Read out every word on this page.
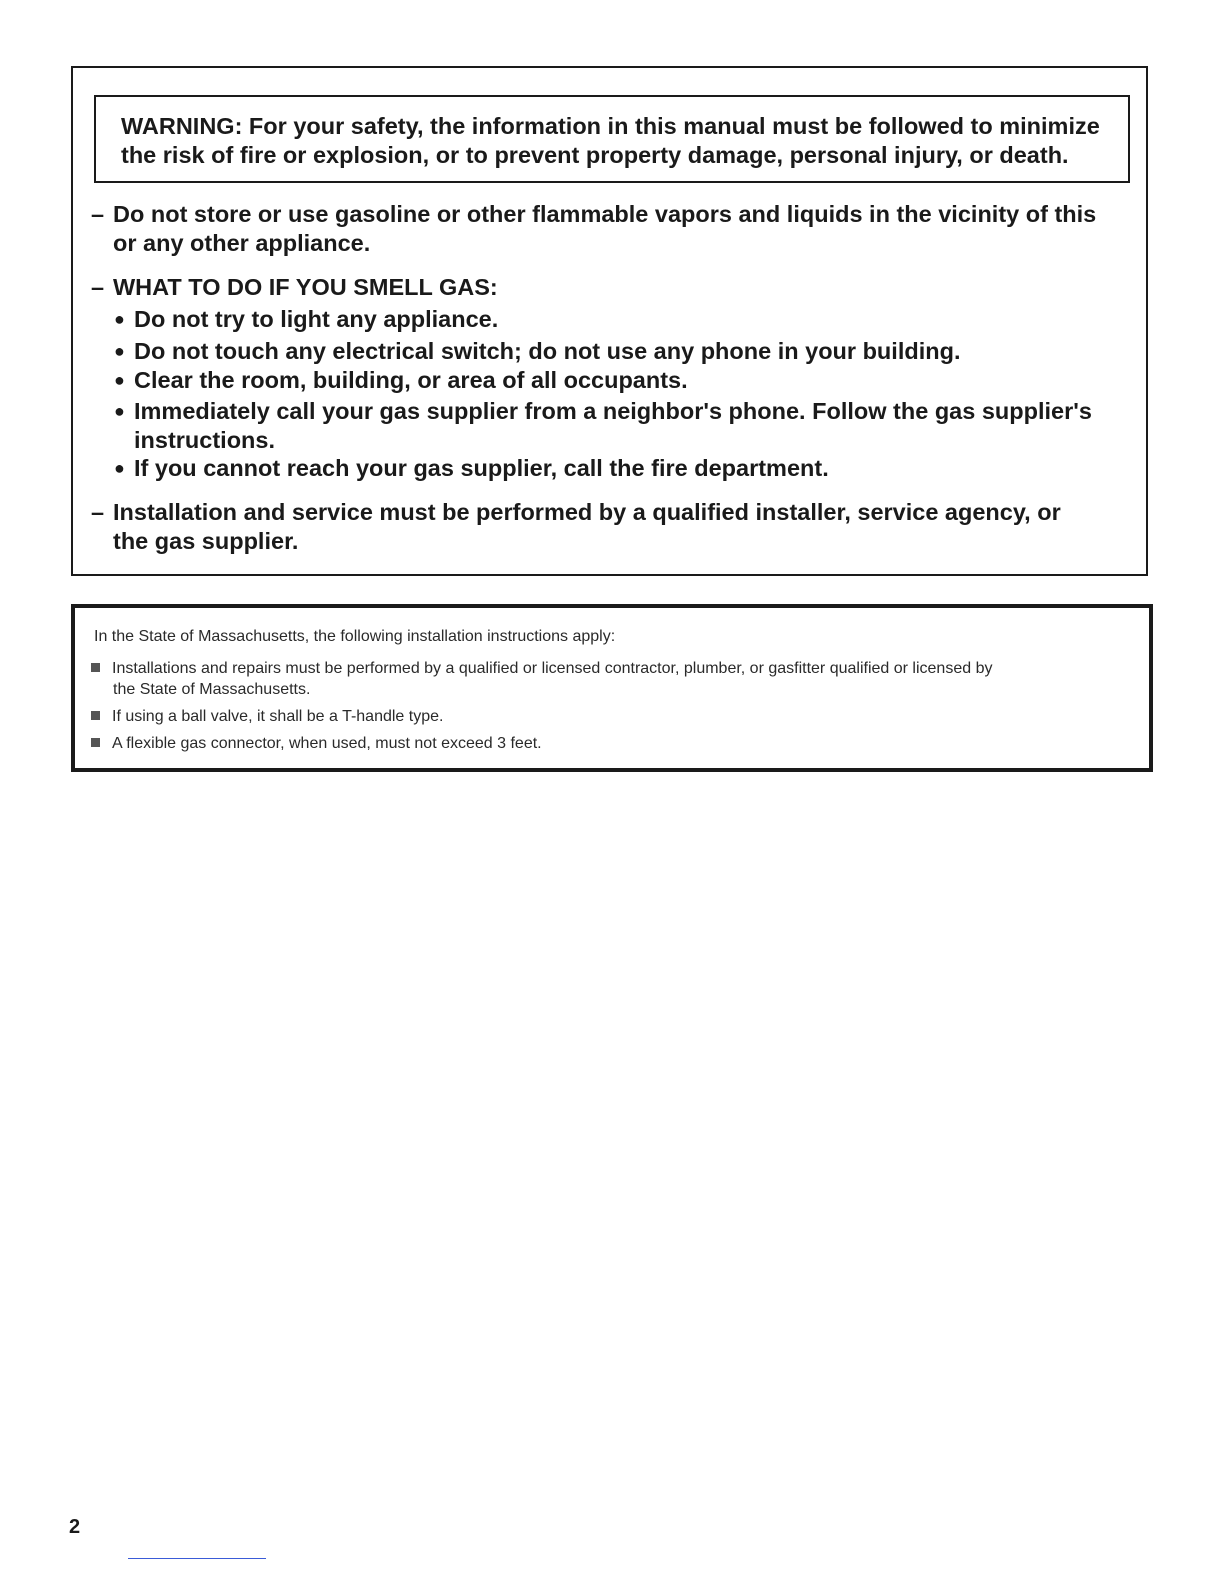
WARNING: For your safety, the information in this manual must be followed to minimize
the risk of fire or explosion, or to prevent property damage, personal injury, or death.
– Do not store or use gasoline or other flammable vapors and liquids in the vicinity of this
or any other appliance.
– WHAT TO DO IF YOU SMELL GAS:
● Do not try to light any appliance.
● Do not touch any electrical switch; do not use any phone in your building.
● Clear the room, building, or area of all occupants.
● Immediately call your gas supplier from a neighbor's phone. Follow the gas supplier's
instructions.
● If you cannot reach your gas supplier, call the fire department.
– Installation and service must be performed by a qualified installer, service agency, or
the gas supplier.
In the State of Massachusetts, the following installation instructions apply:
Installations and repairs must be performed by a qualified or licensed contractor, plumber, or gasfitter qualified or licensed by
the State of Massachusetts.
If using a ball valve, it shall be a T-handle type.
A flexible gas connector, when used, must not exceed 3 feet.
2
